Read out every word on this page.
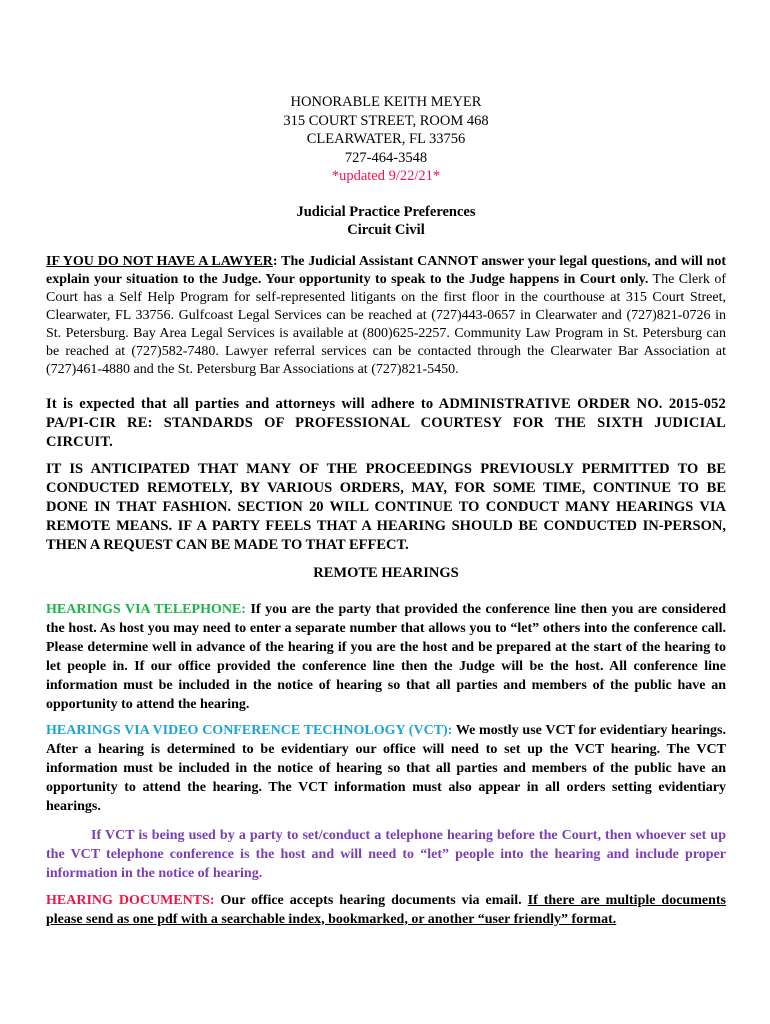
HONORABLE KEITH MEYER
315 COURT STREET, ROOM 468
CLEARWATER, FL 33756
727-464-3548
*updated 9/22/21*
Judicial Practice Preferences
Circuit Civil

IF YOU DO NOT HAVE A LAWYER: The Judicial Assistant CANNOT answer your legal questions, and will not explain your situation to the Judge. Your opportunity to speak to the Judge happens in Court only. The Clerk of Court has a Self Help Program for self-represented litigants on the first floor in the courthouse at 315 Court Street, Clearwater, FL 33756. Gulfcoast Legal Services can be reached at (727)443-0657 in Clearwater and (727)821-0726 in St. Petersburg. Bay Area Legal Services is available at (800)625-2257. Community Law Program in St. Petersburg can be reached at (727)582-7480. Lawyer referral services can be contacted through the Clearwater Bar Association at (727)461-4880 and the St. Petersburg Bar Associations at (727)821-5450.

It is expected that all parties and attorneys will adhere to ADMINISTRATIVE ORDER NO. 2015-052 PA/PI-CIR RE: STANDARDS OF PROFESSIONAL COURTESY FOR THE SIXTH JUDICIAL CIRCUIT.

IT IS ANTICIPATED THAT MANY OF THE PROCEEDINGS PREVIOUSLY PERMITTED TO BE CONDUCTED REMOTELY, BY VARIOUS ORDERS, MAY, FOR SOME TIME, CONTINUE TO BE DONE IN THAT FASHION. SECTION 20 WILL CONTINUE TO CONDUCT MANY HEARINGS VIA REMOTE MEANS. IF A PARTY FEELS THAT A HEARING SHOULD BE CONDUCTED IN-PERSON, THEN A REQUEST CAN BE MADE TO THAT EFFECT.

REMOTE HEARINGS

HEARINGS VIA TELEPHONE: If you are the party that provided the conference line then you are considered the host. As host you may need to enter a separate number that allows you to “let” others into the conference call. Please determine well in advance of the hearing if you are the host and be prepared at the start of the hearing to let people in. If our office provided the conference line then the Judge will be the host. All conference line information must be included in the notice of hearing so that all parties and members of the public have an opportunity to attend the hearing.

HEARINGS VIA VIDEO CONFERENCE TECHNOLOGY (VCT): We mostly use VCT for evidentiary hearings. After a hearing is determined to be evidentiary our office will need to set up the VCT hearing. The VCT information must be included in the notice of hearing so that all parties and members of the public have an opportunity to attend the hearing. The VCT information must also appear in all orders setting evidentiary hearings.

If VCT is being used by a party to set/conduct a telephone hearing before the Court, then whoever set up the VCT telephone conference is the host and will need to “let” people into the hearing and include proper information in the notice of hearing.

HEARING DOCUMENTS: Our office accepts hearing documents via email. If there are multiple documents please send as one pdf with a searchable index, bookmarked, or another “user friendly” format.
